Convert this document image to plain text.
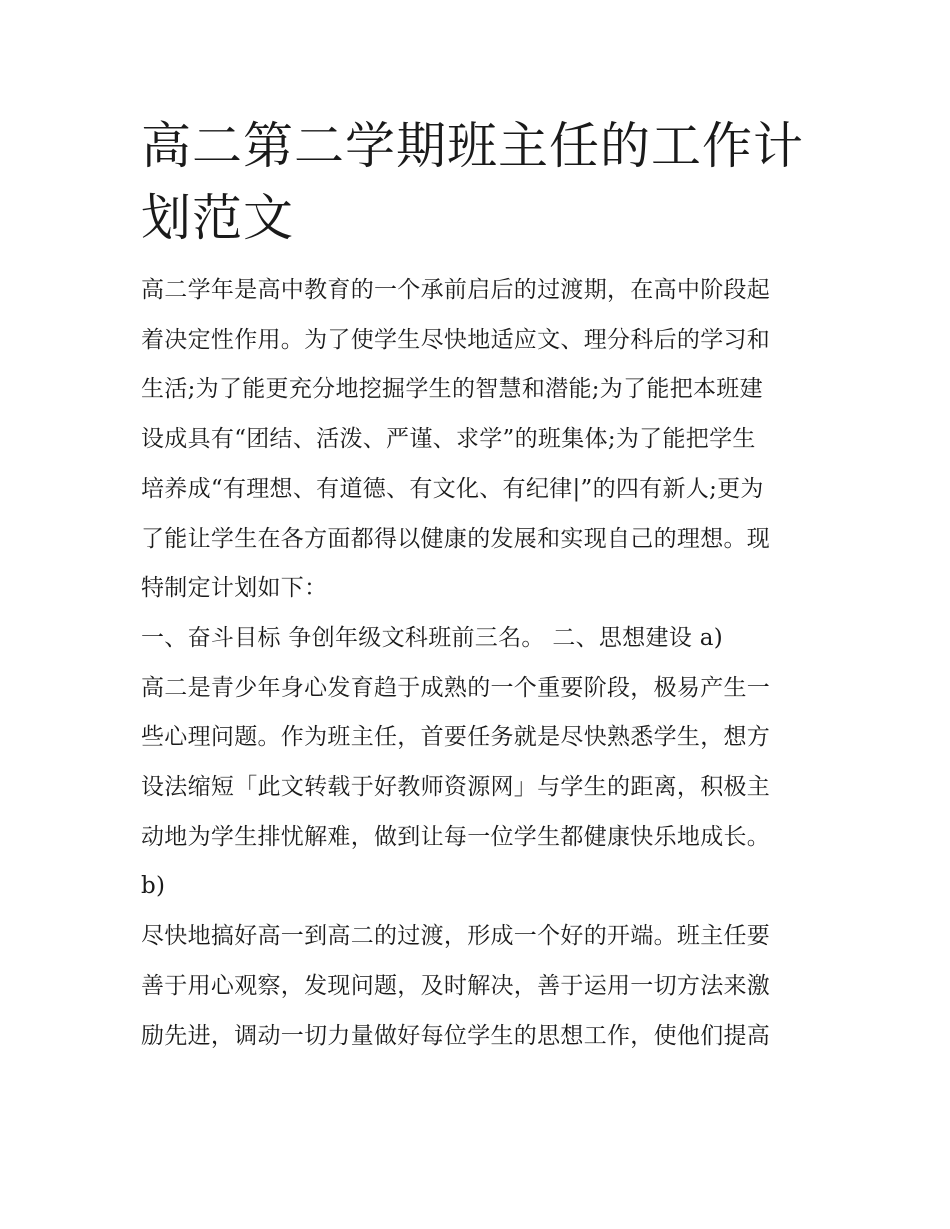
高二第二学期班主任的工作计
划范文

高二学年是高中教育的一个承前启后的过渡期，在高中阶段起

着决定性作用。为了使学生尽快地适应文、理分科后的学习和

生活;为了能更充分地挖掘学生的智慧和潜能;为了能把本班建

设成具有“团结、活泼、严谨、求学”的班集体;为了能把学生

培养成“有理想、有道德、有文化、有纪律|”的四有新人;更为

了能让学生在各方面都得以健康的发展和实现自己的理想。现

特制定计划如下：

一、奋斗目标 争创年级文科班前三名。 二、思想建设 a)

高二是青少年身心发育趋于成熟的一个重要阶段，极易产生一

些心理问题。作为班主任，首要任务就是尽快熟悉学生，想方

设法缩短「此文转载于好教师资源网」与学生的距离，积极主

动地为学生排忧解难，做到让每一位学生都健康快乐地成长。

b)

尽快地搞好高一到高二的过渡，形成一个好的开端。班主任要

善于用心观察，发现问题，及时解决，善于运用一切方法来激

励先进，调动一切力量做好每位学生的思想工作，使他们提高
